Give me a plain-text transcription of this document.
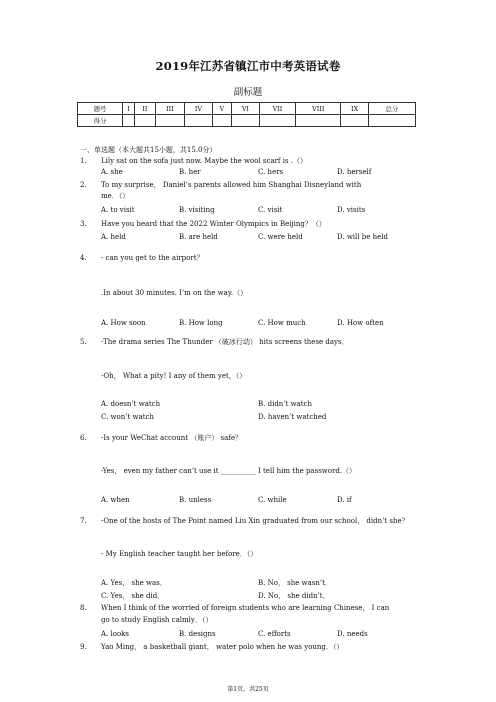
2019年江苏省镇江市中考英语试卷
副标题
题号	I	II	III	IV	V	VI	VII	VIII	IX	总分
得分										
一、单选题（本大题共15小题，共15.0分）
1.	Lily sat on the sofa just now. Maybe the wool scarf is .（）
A. she	B. her	C. hers	D. herself
2.	To my surprise， Daniel’s parents allowed him Shanghai Disneyland with
me．（）
A. to visit	B. visiting	C. visit	D. visits
3.	Have you heard that the 2022 Winter Olympics in Beijing？（）
A. held	B. are held	C. were held	D. will be held
4.	- can you get to the airport？
.In about 30 minutes. I’m on the way.（）
A. How soon	B. How long	C. How much	D. How often
5.	-The drama series The Thunder （破冰行动） hits screens these days．
-Oh， What a pity! I any of them yet，（）
A. doesn’t watch	B. didn’t watch
C. won’t watch	D. haven’t watched
6.	-Is your WeChat account （账户） safe？
-Yes， even my father can’t use it __________ I tell him the password.（）
A. when	B. unless	C. while	D. if
7.	-One of the hosts of The Point named Liu Xin graduated from our school， didn’t she？
- My English teacher taught her before．（）
A. Yes， she was．	B. No， she wasn’t．
C. Yes， she did．	D. No， she didn’t．
8.	When I think of the worried of foreign students who are learning Chinese， I can
go to study English calmly．（）
A. looks	B. designs	C. efforts	D. needs
9.	Yao Ming， a basketball giant， water polo when he was young．（）
第1页，共25页
